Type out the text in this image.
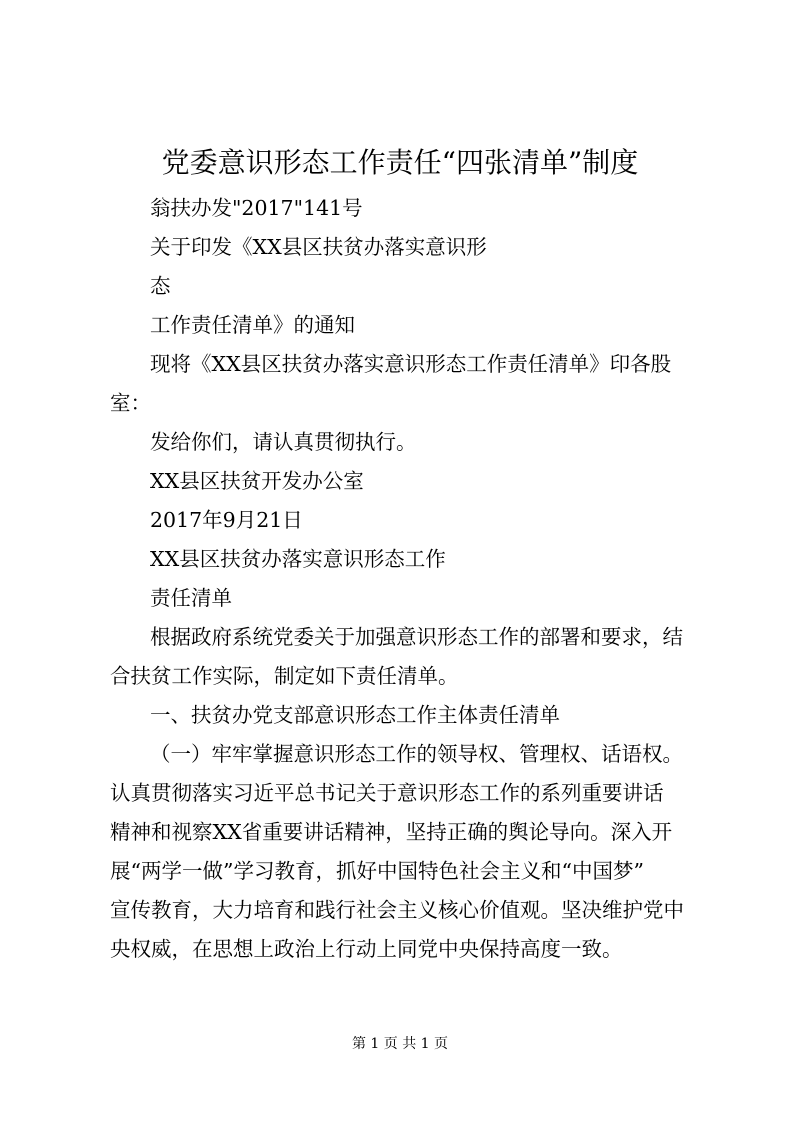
党委意识形态工作责任“四张清单”制度
翁扶办发"2017"141号
关于印发《XX县区扶贫办落实意识形
态
工作责任清单》的通知
现将《XX县区扶贫办落实意识形态工作责任清单》印各股
室：
发给你们，请认真贯彻执行。
XX县区扶贫开发办公室
2017年9月21日
XX县区扶贫办落实意识形态工作
责任清单
根据政府系统党委关于加强意识形态工作的部署和要求，结
合扶贫工作实际，制定如下责任清单。
一、扶贫办党支部意识形态工作主体责任清单
（一）牢牢掌握意识形态工作的领导权、管理权、话语权。
认真贯彻落实习近平总书记关于意识形态工作的系列重要讲话
精神和视察XX省重要讲话精神，坚持正确的舆论导向。深入开
展“两学一做”学习教育，抓好中国特色社会主义和“中国梦”
宣传教育，大力培育和践行社会主义核心价值观。坚决维护党中
央权威，在思想上政治上行动上同党中央保持高度一致。
第 1 页 共 1 页
